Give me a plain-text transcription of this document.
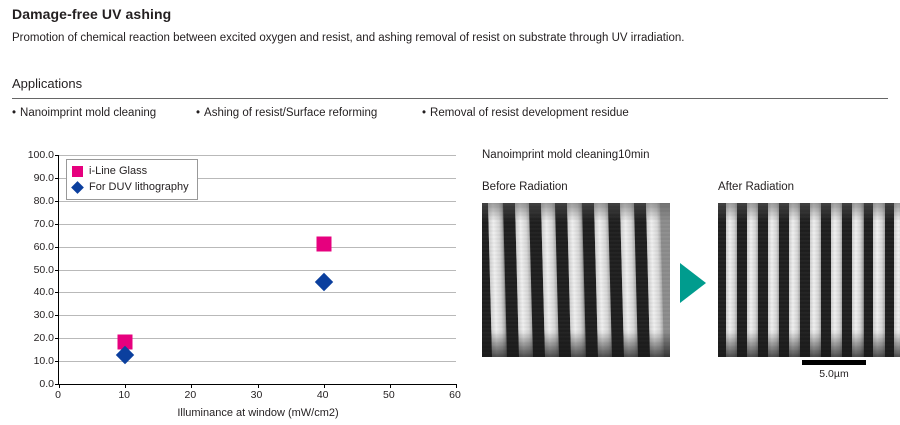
Damage-free UV ashing
Promotion of chemical reaction between excited oxygen and resist, and ashing removal of resist on substrate through UV irradiation.
Applications
• Nanoimprint mold cleaning	• Ashing of resist/Surface reforming	• Removal of resist development residue
0.0
10.0
20.0
30.0
40.0
50.0
60.0
70.0
80.0
90.0
100.0
0	10	20	30	40	50	60
Illuminance at window (mW/cm2)
i-Line Glass
For DUV lithography
Nanoimprint mold cleaning10min
Before Radiation	After Radiation
5.0µm
